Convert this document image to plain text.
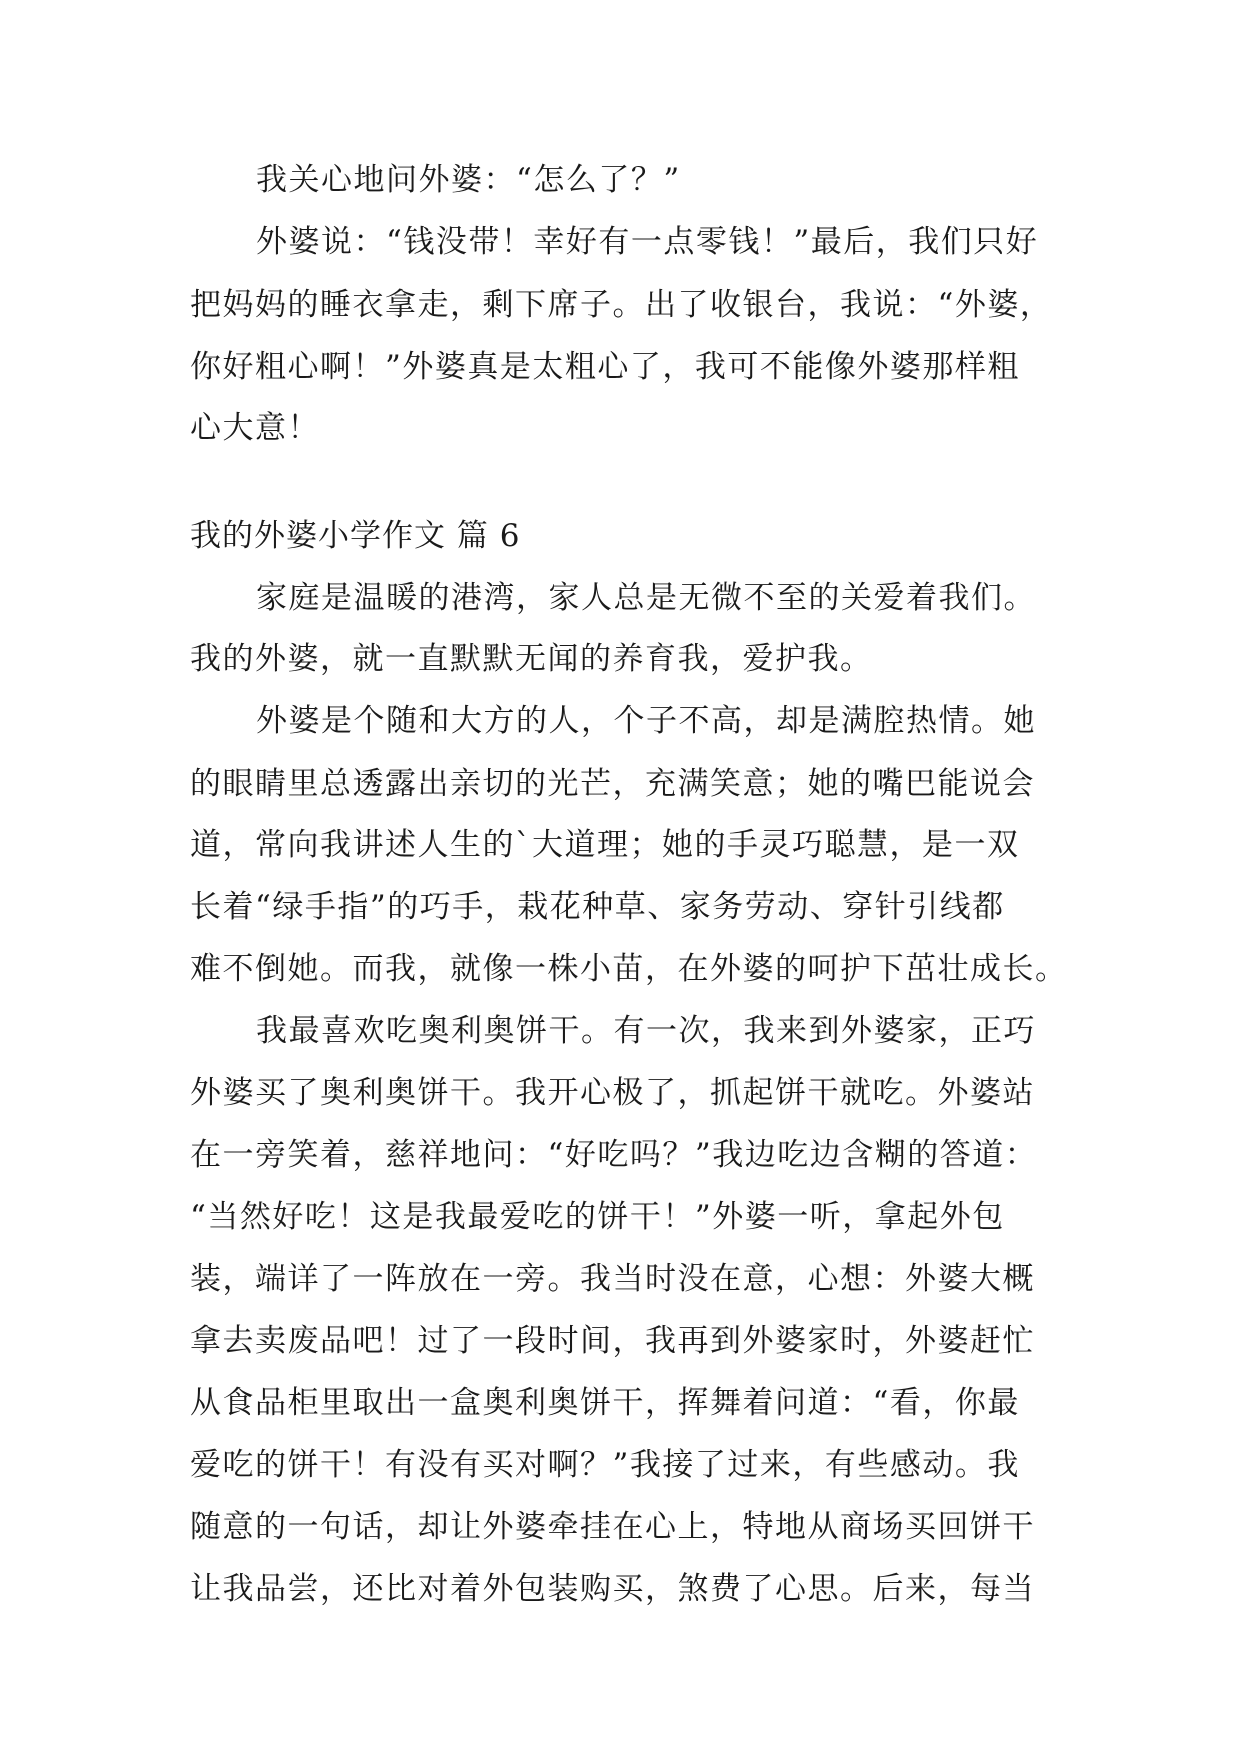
我关心地问外婆：“怎么了？”
外婆说：“钱没带！幸好有一点零钱！”最后，我们只好
把妈妈的睡衣拿走，剩下席子。出了收银台，我说：“外婆，
你好粗心啊！”外婆真是太粗心了，我可不能像外婆那样粗
心大意！
我的外婆小学作文 篇 6
家庭是温暖的港湾，家人总是无微不至的关爱着我们。
我的外婆，就一直默默无闻的养育我，爱护我。
外婆是个随和大方的人，个子不高，却是满腔热情。她
的眼睛里总透露出亲切的光芒，充满笑意；她的嘴巴能说会
道，常向我讲述人生的`大道理；她的手灵巧聪慧，是一双
长着“绿手指”的巧手，栽花种草、家务劳动、穿针引线都
难不倒她。而我，就像一株小苗，在外婆的呵护下茁壮成长。
我最喜欢吃奥利奥饼干。有一次，我来到外婆家，正巧
外婆买了奥利奥饼干。我开心极了，抓起饼干就吃。外婆站
在一旁笑着，慈祥地问：“好吃吗？”我边吃边含糊的答道：
“当然好吃！这是我最爱吃的饼干！”外婆一听，拿起外包
装，端详了一阵放在一旁。我当时没在意，心想：外婆大概
拿去卖废品吧！过了一段时间，我再到外婆家时，外婆赶忙
从食品柜里取出一盒奥利奥饼干，挥舞着问道：“看，你最
爱吃的饼干！有没有买对啊？”我接了过来，有些感动。我
随意的一句话，却让外婆牵挂在心上，特地从商场买回饼干
让我品尝，还比对着外包装购买，煞费了心思。后来，每当
